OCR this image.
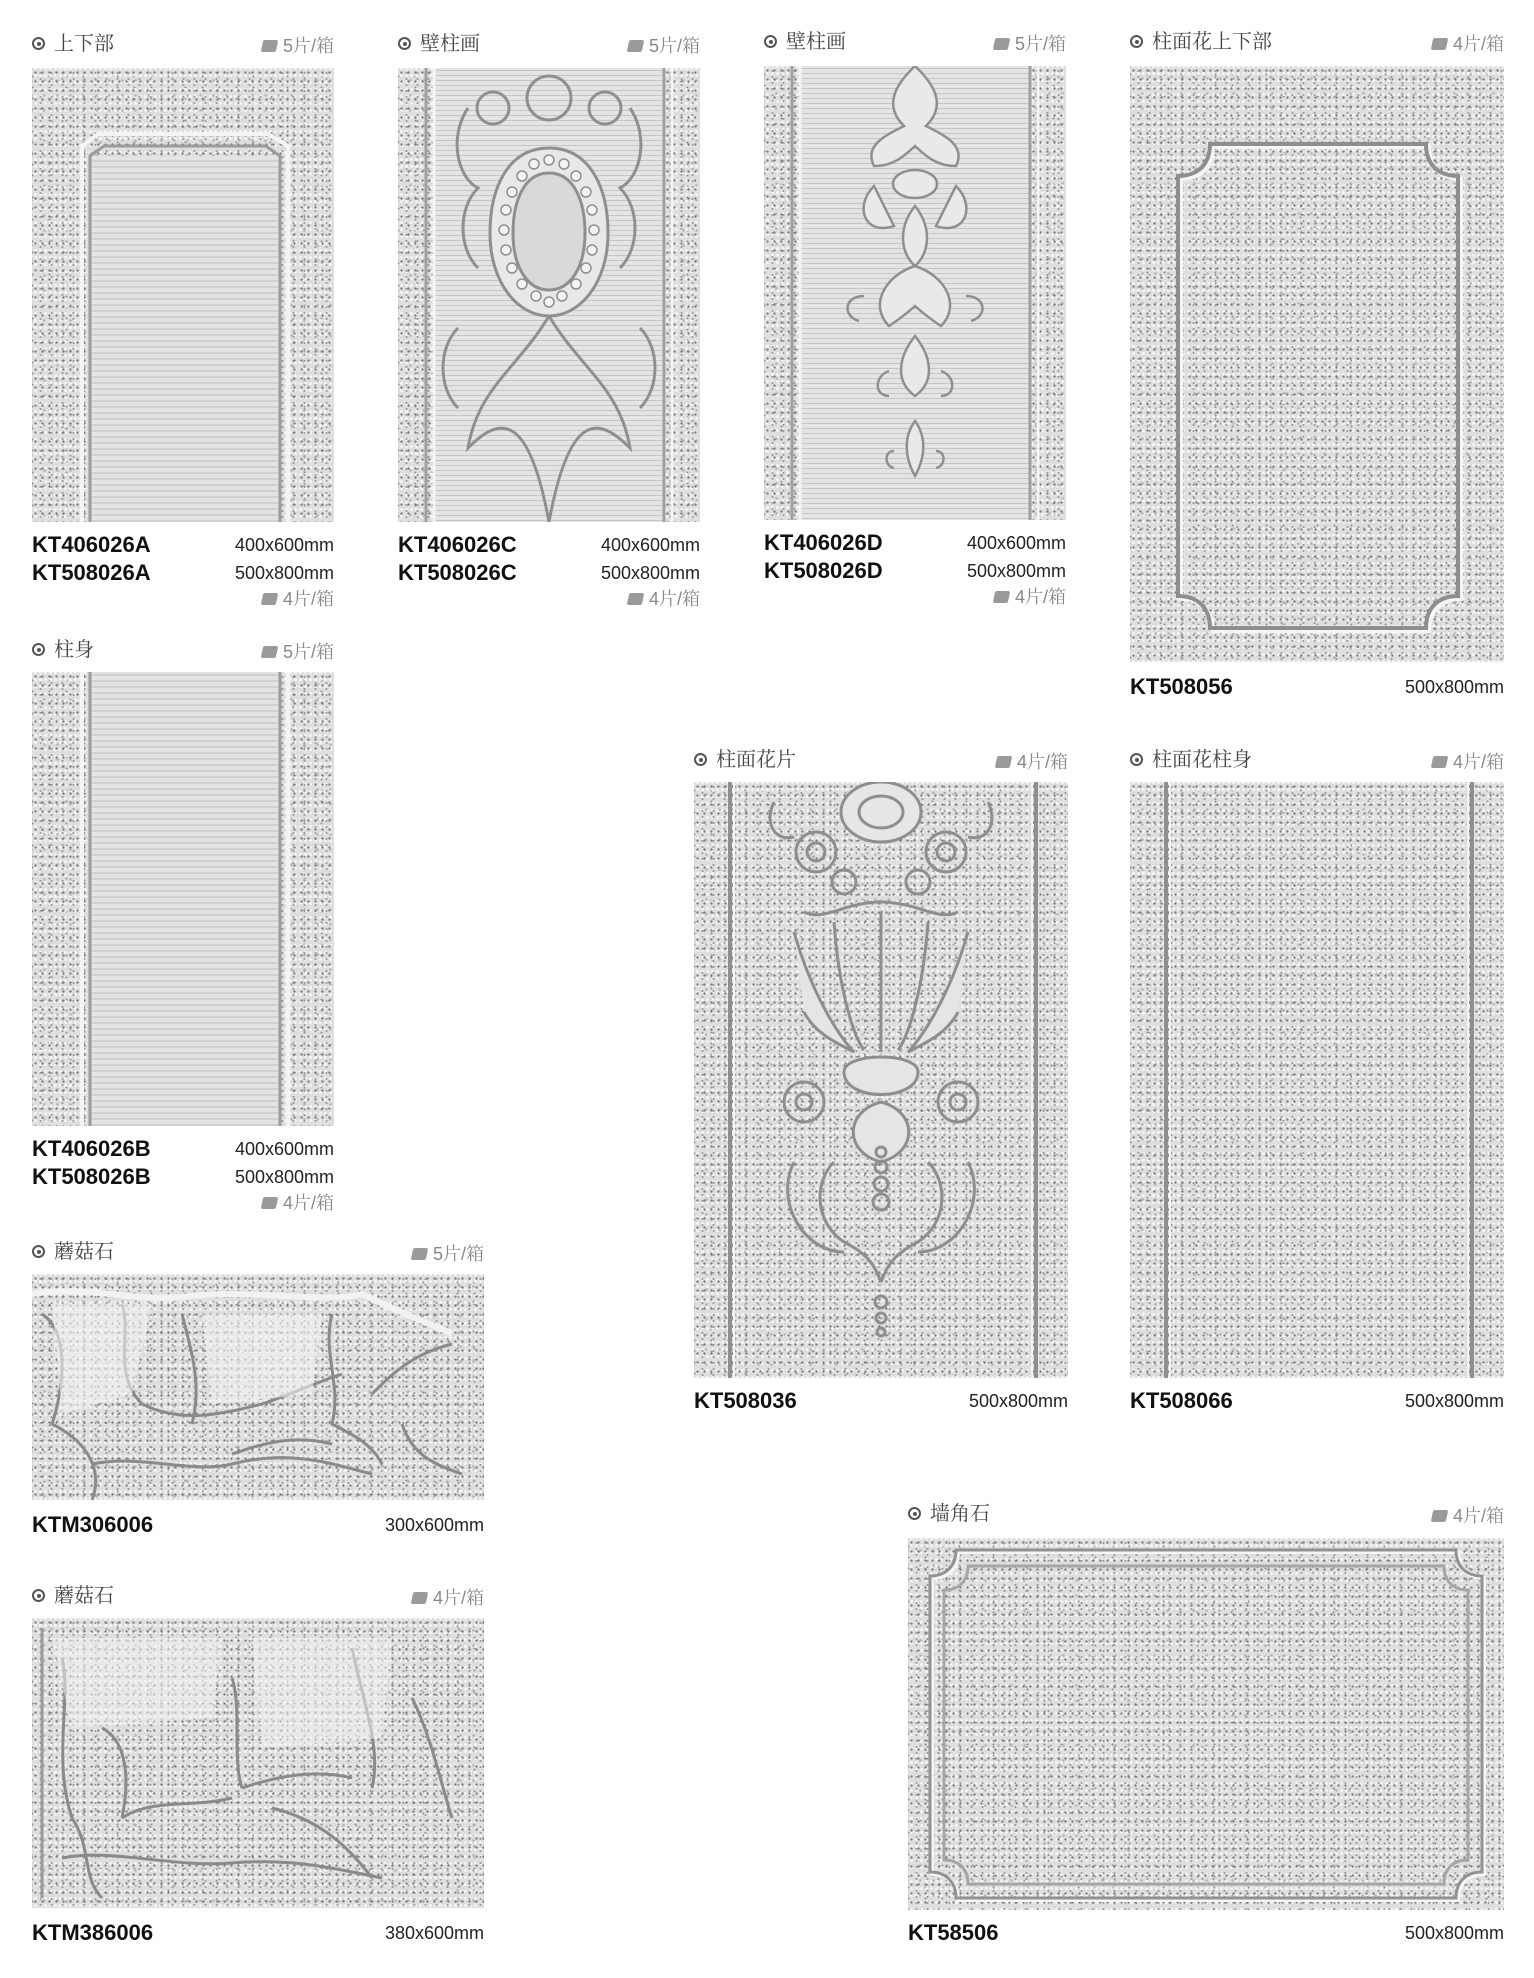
上下部	5片/箱
KT406026A	400x600mm
KT508026A	500x800mm
4片/箱
壁柱画	5片/箱
KT406026C	400x600mm
KT508026C	500x800mm
4片/箱
壁柱画	5片/箱
KT406026D	400x600mm
KT508026D	500x800mm
4片/箱
柱面花上下部	4片/箱
KT508056	500x800mm
柱身	5片/箱
KT406026B	400x600mm
KT508026B	500x800mm
4片/箱
柱面花片	4片/箱
KT508036	500x800mm
柱面花柱身	4片/箱
KT508066	500x800mm
蘑菇石	5片/箱
KTM306006	300x600mm
蘑菇石	4片/箱
KTM386006	380x600mm
墙角石	4片/箱
KT58506	500x800mm
